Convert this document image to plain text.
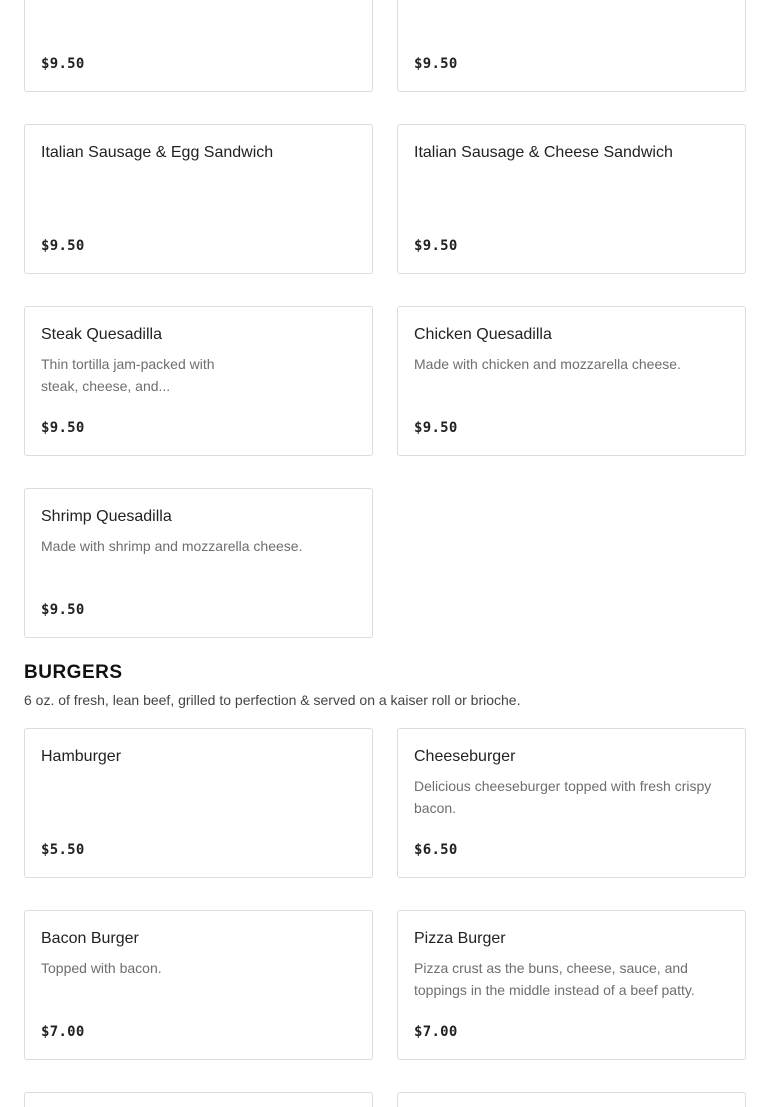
$9.50	$9.50
Italian Sausage & Egg Sandwich
$9.50
Italian Sausage & Cheese Sandwich
$9.50
Steak Quesadilla
Thin tortilla jam-packed with steak, cheese, and...
$9.50
Chicken Quesadilla
Made with chicken and mozzarella cheese.
$9.50
Shrimp Quesadilla
Made with shrimp and mozzarella cheese.
$9.50
BURGERS
6 oz. of fresh, lean beef, grilled to perfection & served on a kaiser roll or brioche.
Hamburger
$5.50
Cheeseburger
Delicious cheeseburger topped with fresh crispy bacon.
$6.50
Bacon Burger
Topped with bacon.
$7.00
Pizza Burger
Pizza crust as the buns, cheese, sauce, and toppings in the middle instead of a beef patty.
$7.00
